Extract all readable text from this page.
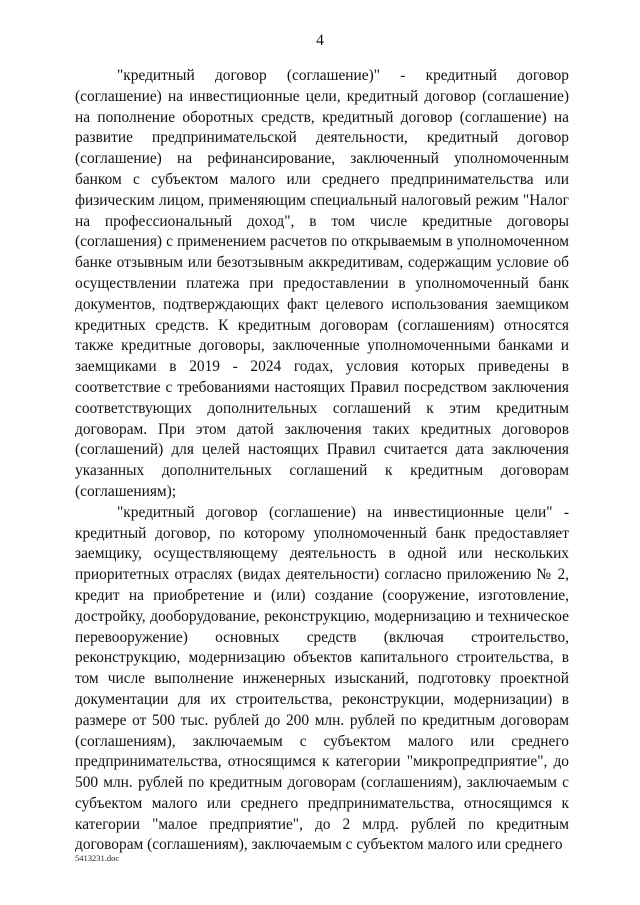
4

"кредитный договор (соглашение)" - кредитный договор (соглашение) на инвестиционные цели, кредитный договор (соглашение) на пополнение оборотных средств, кредитный договор (соглашение) на развитие предпринимательской деятельности, кредитный договор (соглашение) на рефинансирование, заключенный уполномоченным банком с субъектом малого или среднего предпринимательства или физическим лицом, применяющим специальный налоговый режим "Налог на профессиональный доход", в том числе кредитные договоры (соглашения) с применением расчетов по открываемым в уполномоченном банке отзывным или безотзывным аккредитивам, содержащим условие об осуществлении платежа при предоставлении в уполномоченный банк документов, подтверждающих факт целевого использования заемщиком кредитных средств. К кредитным договорам (соглашениям) относятся также кредитные договоры, заключенные уполномоченными банками и заемщиками в 2019 - 2024 годах, условия которых приведены в соответствие с требованиями настоящих Правил посредством заключения соответствующих дополнительных соглашений к этим кредитным договорам. При этом датой заключения таких кредитных договоров (соглашений) для целей настоящих Правил считается дата заключения указанных дополнительных соглашений к кредитным договорам (соглашениям);

"кредитный договор (соглашение) на инвестиционные цели" - кредитный договор, по которому уполномоченный банк предоставляет заемщику, осуществляющему деятельность в одной или нескольких приоритетных отраслях (видах деятельности) согласно приложению № 2, кредит на приобретение и (или) создание (сооружение, изготовление, достройку, дооборудование, реконструкцию, модернизацию и техническое перевооружение) основных средств (включая строительство, реконструкцию, модернизацию объектов капитального строительства, в том числе выполнение инженерных изысканий, подготовку проектной документации для их строительства, реконструкции, модернизации) в размере от 500 тыс. рублей до 200 млн. рублей по кредитным договорам (соглашениям), заключаемым с субъектом малого или среднего предпринимательства, относящимся к категории "микропредприятие", до 500 млн. рублей по кредитным договорам (соглашениям), заключаемым с субъектом малого или среднего предпринимательства, относящимся к категории "малое предприятие", до 2 млрд. рублей по кредитным договорам (соглашениям), заключаемым с субъектом малого или среднего

5413231.doc
